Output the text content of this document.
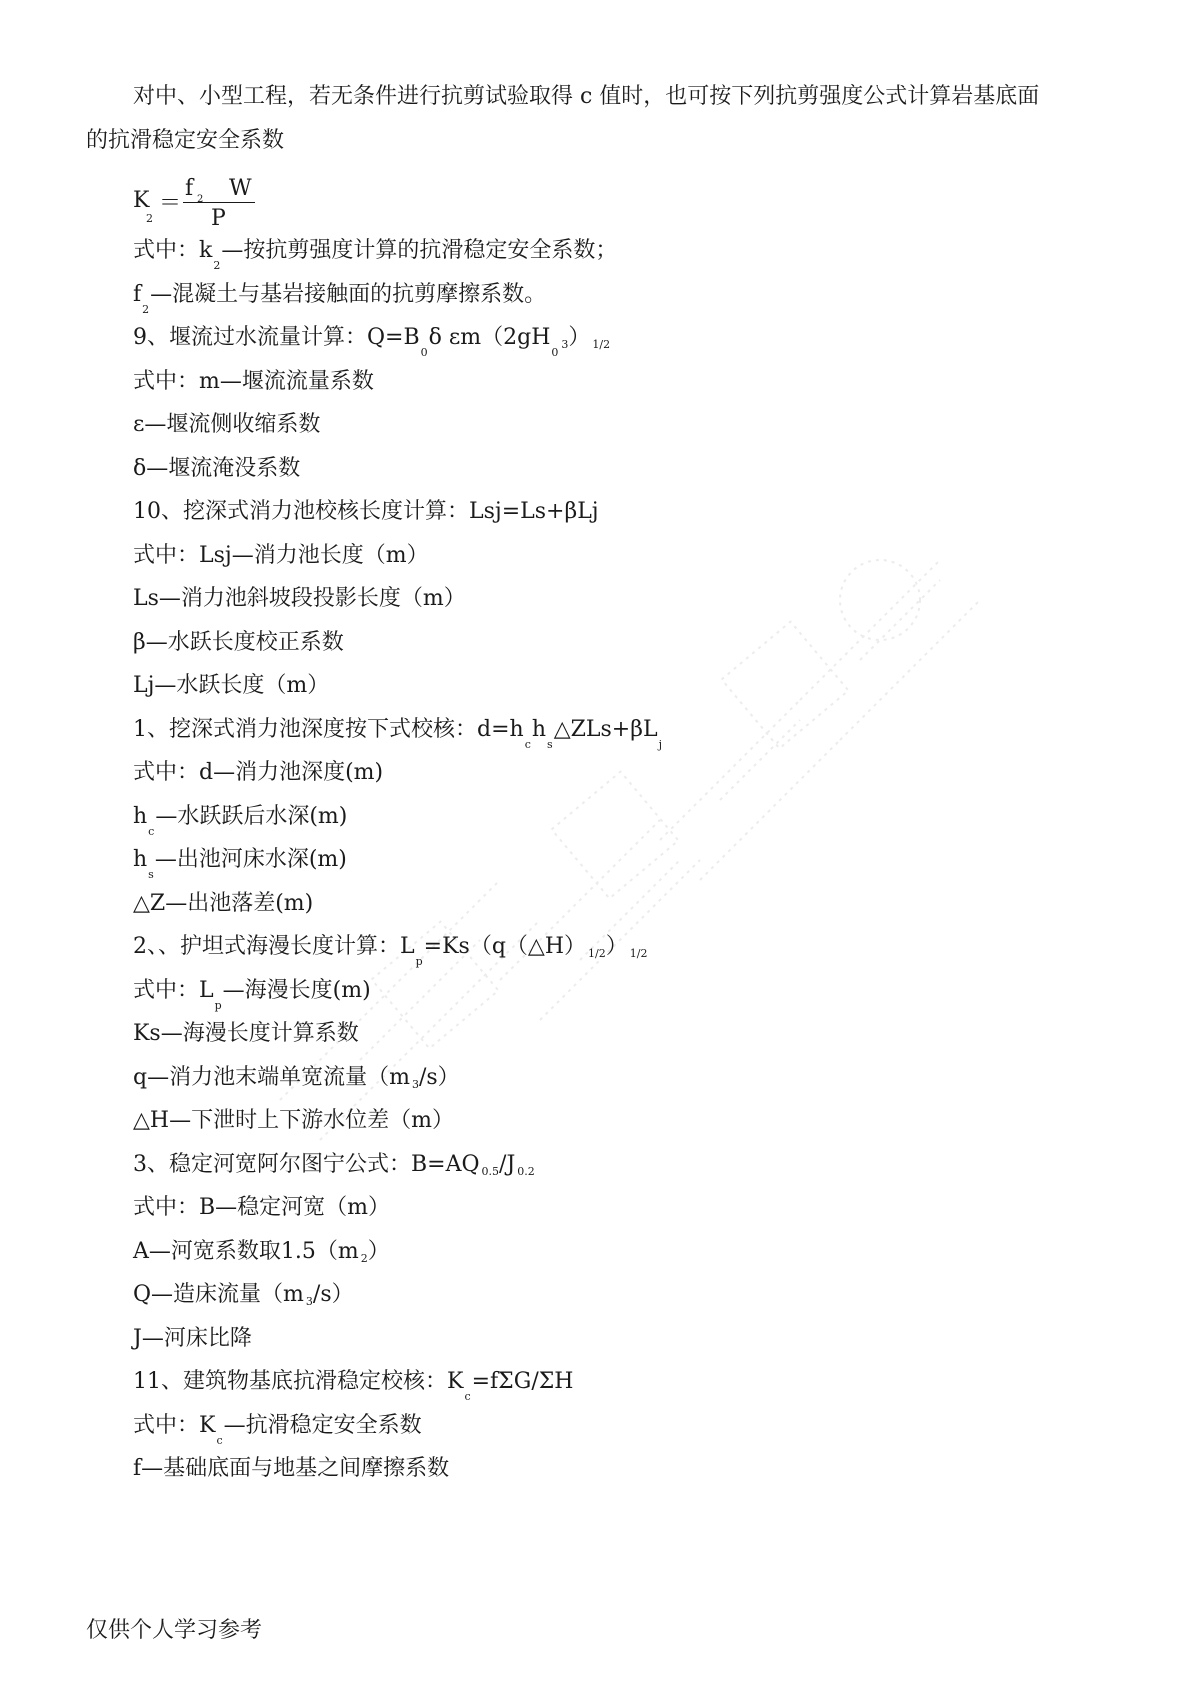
对中、小型工程，若无条件进行抗剪试验取得 c 值时，也可按下列抗剪强度公式计算岩基底面
的抗滑稳定安全系数
K
2
＝
f 2 W
P
式中：$k_2—$按抗剪强度计算的抗滑稳定安全系数；
$f_2—$混凝土与基岩接触面的抗剪摩擦系数。
9、堰流过水流量计算：$Q=B_0\delta$ $\varepsilon m(2gH_03)$ 1/2
式中：m—堰流流量系数
ε—堰流侧收缩系数
δ—堰流淹没系数
10、挖深式消力池校核长度计算：Lsj=Ls+βLj
式中：Lsj—消力池长度（m）
Ls—消力池斜坡段投影长度（m）
β—水跃长度校正系数
Lj—水跃长度（m）
1、挖深式消力池深度按下式校核：$d=h_ch_s\triangle ZLs+\beta L_j$
式中：d—消力池深度(m)
$h_c—$水跃跃后水深(m)
$h_s—$出池河床水深(m)
△Z—出池落差(m)
2、、护坦式海漫长度计算：$L_p=Ks(q(\triangle H)$ 1/2） 1/2
式中：$L_p—$海漫长度(m)
Ks—海漫长度计算系数
q—消力池末端单宽流量（m 3/s）
△H—下泄时上下游水位差（m）
3、稳定河宽阿尔图宁公式：B=AQ 0.5/J 0.2
式中：B—稳定河宽（m）
A—河宽系数取1.5（m 2）
Q—造床流量（m 3/s）
J—河床比降
11、建筑物基底抗滑稳定校核：$K_c=f\Sigma G/\Sigma H$
式中：$K_c—$抗滑稳定安全系数
f—基础底面与地基之间摩擦系数
仅供个人学习参考
